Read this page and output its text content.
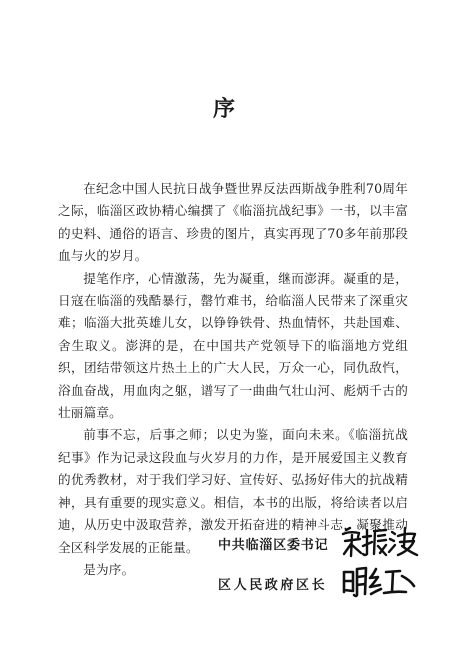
序

在纪念中国人民抗日战争暨世界反法西斯战争胜利70周年之际，临淄区政协精心编撰了《临淄抗战纪事》一书，以丰富的史料、通俗的语言、珍贵的图片，真实再现了70多年前那段血与火的岁月。

提笔作序，心情激荡，先为凝重，继而澎湃。凝重的是，日寇在临淄的残酷暴行，罄竹难书，给临淄人民带来了深重灾难；临淄大批英雄儿女，以铮铮铁骨、热血情怀，共赴国难、舍生取义。澎湃的是，在中国共产党领导下的临淄地方党组织，团结带领这片热土上的广大人民，万众一心，同仇敌忾，浴血奋战，用血肉之躯，谱写了一曲曲气壮山河、彪炳千古的壮丽篇章。

前事不忘，后事之师；以史为鉴，面向未来。《临淄抗战纪事》作为记录这段血与火岁月的力作，是开展爱国主义教育的优秀教材，对于我们学习好、宣传好、弘扬好伟大的抗战精神，具有重要的现实意义。相信，本书的出版，将给读者以启迪，从历史中汲取营养，激发开拓奋进的精神斗志，凝聚推动全区科学发展的正能量。

是为序。

中共临淄区委书记
区人民政府区长
